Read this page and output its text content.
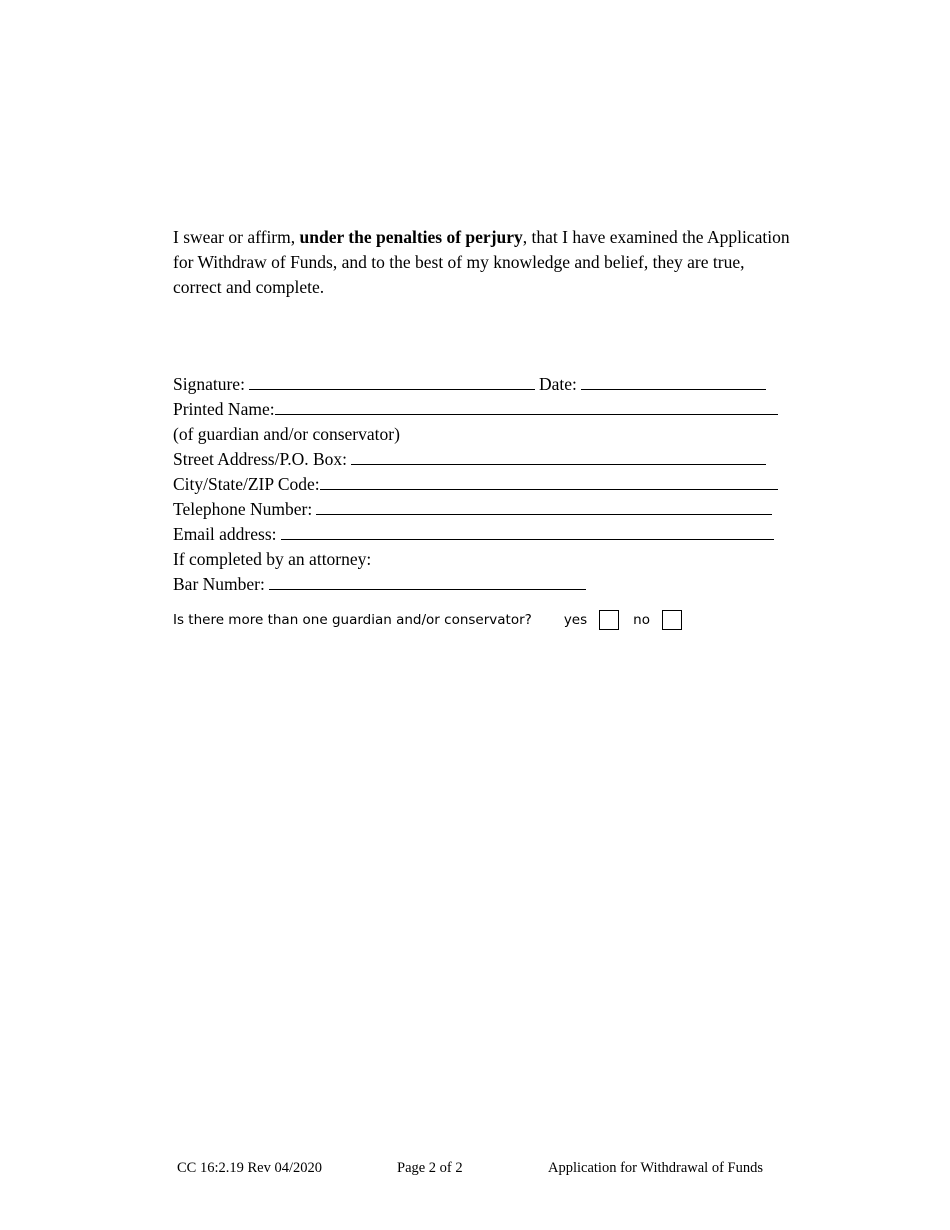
I swear or affirm, under the penalties of perjury, that I have examined the Application for Withdraw of Funds, and to the best of my knowledge and belief, they are true, correct and complete.
Signature:	Date:
Printed Name:
(of guardian and/or conservator)
Street Address/P.O. Box:
City/State/ZIP Code:
Telephone Number:
Email address:
If completed by an attorney:
Bar Number:
Is there more than one guardian and/or conservator? yes	no
CC 16:2.19 Rev 04/2020	Page 2 of 2	Application for Withdrawal of Funds
